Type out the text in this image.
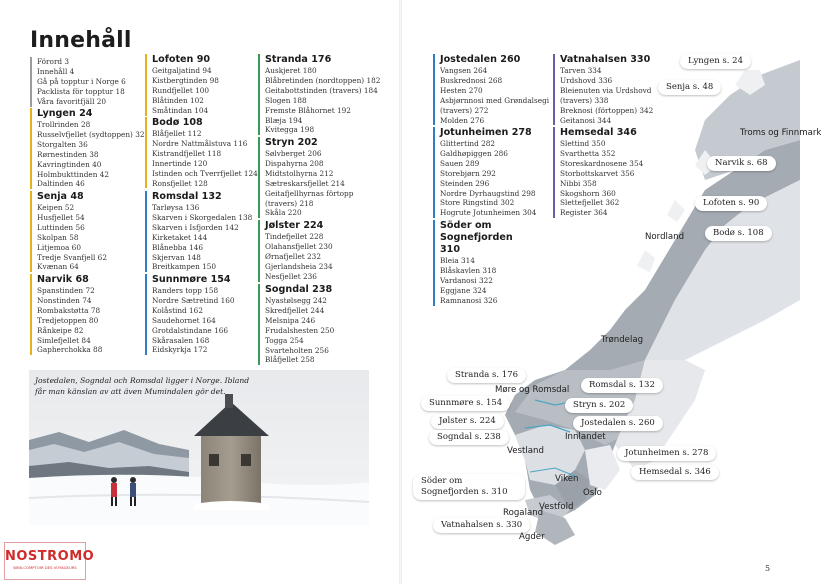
Innehåll
Förord 3
Innehåll 4
Gå på topptur i Norge 6
Packlista för topptur 18
Våra favoritfjäll 20
Lyngen 24
Trollrinden 28
Russelvfjellet (sydtoppen) 32
Storgalten 36
Rørnestinden 38
Kavringtinden 40
Holmbukttinden 42
Daltinden 46
Senja 48
Keipen 52
Husfjellet 54
Luttinden 56
Skolpan 58
Litjemoa 60
Tredje Svanfjell 62
Kvænan 64
Narvik 68
Spanstinden 72
Nonstinden 74
Rombakstøtta 78
Tredjetoppen 80
Rånkeipe 82
Simlefjellet 84
Gapherchokka 88
Lofoten 90
Geitgaljatind 94
Kistbergtinden 98
Rundfjellet 100
Blåtinden 102
Småtindan 104
Bodø 108
Blåfjellet 112
Nordre Nattmålstuva 116
Kistrandfjellet 118
Innertinde 120
Istinden och Tverrfjellet 124
Ronsfjellet 128
Romsdal 132
Tarløysa 136
Skarven i Skorgedalen 138
Skarven i Isfjorden 142
Kirketaket 144
Blånebba 146
Skjervan 148
Breitkampen 150
Sunnmøre 154
Randers topp 158
Nordre Sætretind 160
Kolåstind 162
Saudehornet 164
Grotdalstindane 166
Skårasalen 168
Eidskyrkja 172
Stranda 176
Auskjeret 180
Blåbretinden (nordtoppen) 182
Geitabottstinden (travers) 184
Slogen 188
Fremste Blåhornet 192
Blæja 194
Kvitegga 198
Stryn 202
Sølvberget 206
Dispahyrna 208
Midtstolhyrna 212
Sætreskarsfjellet 214
Geitafjellhyrnas förtopp
(travers) 218
Skåla 220
Jølster 224
Tindefjellet 228
Olahansfjellet 230
Ørnafjellet 232
Gjerlandsheia 234
Nesfjellet 236
Sogndal 238
Nyastølsegg 242
Skredfjellet 244
Melsnipa 246
Frudalshesten 250
Togga 254
Svarteholten 256
Blåfjellet 258
Jostedalen 260
Vangsen 264
Buskrednosi 268
Hesten 270
Asbjørnnosi med Grøndalsegi
(travers) 272
Molden 276
Jotunheimen 278
Glittertind 282
Galdhøpiggen 286
Sauen 289
Storebjørn 292
Steinden 296
Nordre Dyrhaugstind 298
Store Ringstind 302
Hogrute Jotunheimen 304
Söder om Sognefjorden 310
Bleia 314
Blåskavlen 318
Vardanosi 322
Eggjane 324
Ramnanosi 326
Vatnahalsen 330
Tarven 334
Urdshovd 336
Bleienuten via Urdshovd
(travers) 338
Breknosi (förtoppen) 342
Geitanosi 344
Hemsedal 346
Slettind 350
Svarthetta 352
Storeskardnosene 354
Storbottskarvet 356
Nibbi 358
Skogshorn 360
Slettefjellet 362
Register 364
Jostedalen, Sogndal och Romsdal ligger i Norge. Ibland får man känslan av att även Mumindalen gör det.
NOSTROMO
WEB-COMPTOIR DES VOYAGEURS
Lyngen s. 24
Senja s. 48
Narvik s. 68
Lofoten s. 90
Bodø s. 108
Stranda s. 176
Romsdal s. 132
Sunnmøre s. 154	Stryn s. 202
Jølster s. 224	Jostedalen s. 260
Sogndal s. 238
Jotunheimen s. 278
Hemsedal s. 346
Söder om Sognefjorden s. 310
Vatnahalsen s. 330
Troms og Finnmark
Nordland
Trøndelag
Møre og Romsdal
Innlandet
Vestland
Viken
Oslo
Vestfold
Rogaland
Agder
5
